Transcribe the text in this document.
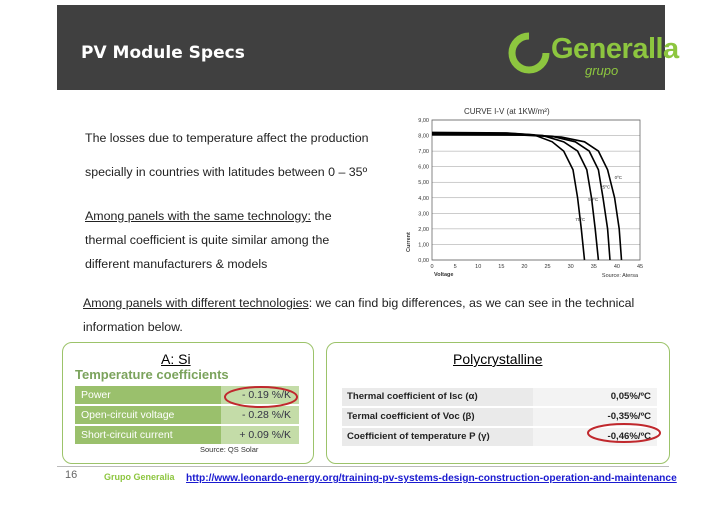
PV Module Specs	Generalla
grupo
The losses due to temperature affect the production
specially in countries with latitudes between 0 – 35º
Among panels with the same technology: the
thermal coefficient is quite similar among the
different manufacturers & models
Among panels with different technologies: we can find big differences, as we can see in the technical
information below.
CURVE I-V (at 1KW/m²)
0,00
1,00
2,00
3,00
4,00
5,00
6,00
7,00
8,00
9,00
0	5	10	15	20	25	30	35	40	45
Voltage
Current
0ºC
25ºC
50ºC
75ºC
Source: Atersa
A: Si
Temperature coefficients
Power	- 0.19 %/K
Open-circuit voltage	- 0.28 %/K
Short-circuit current	+ 0.09 %/K
Source: QS Solar
Polycrystalline
Thermal coefficient of Isc (α)	0,05%/ºC
Termal coefficient of Voc (β)	-0,35%/ºC
Coefficient of temperature P (γ)	-0,46%/ºC
16	Grupo Generalia http://www.leonardo-energy.org/training-pv-systems-design-construction-operation-and-maintenance
